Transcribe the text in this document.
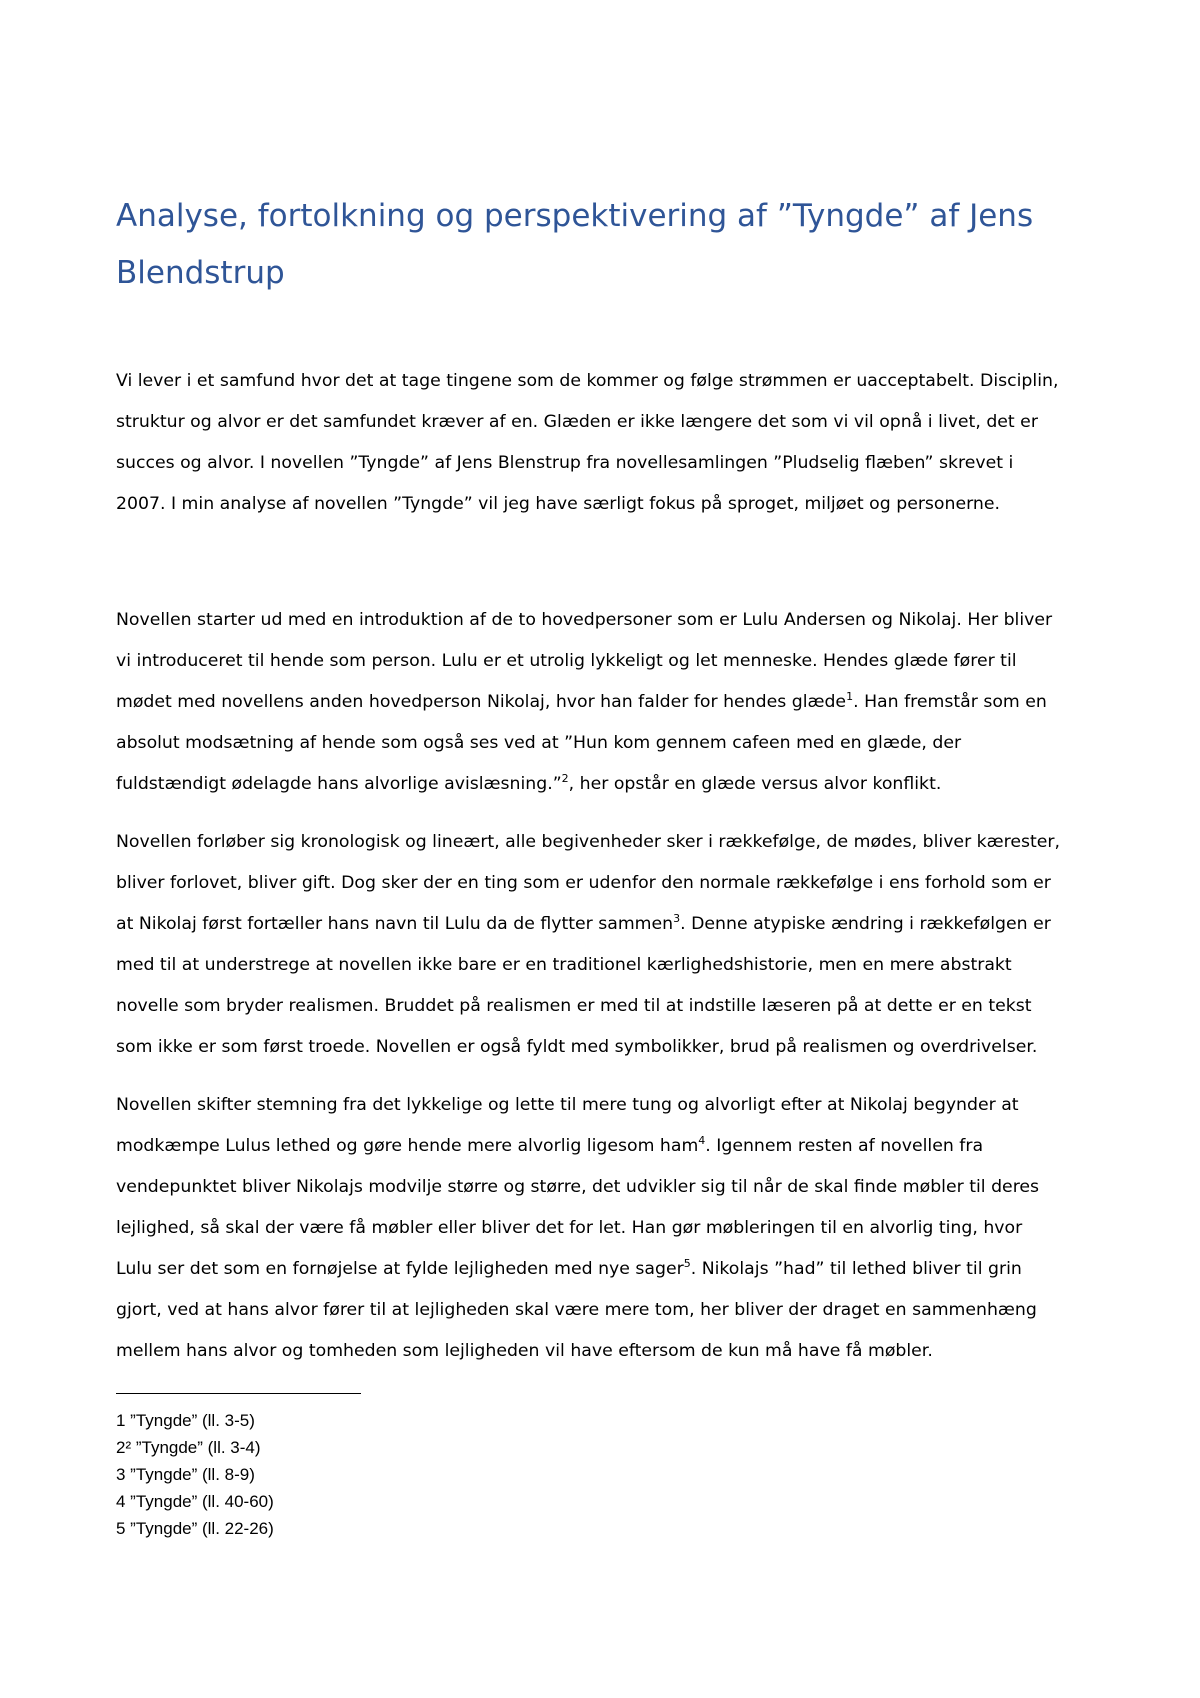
Analyse, fortolkning og perspektivering af ”Tyngde” af Jens Blendstrup
Vi lever i et samfund hvor det at tage tingene som de kommer og følge strømmen er uacceptabelt. Disciplin,
struktur og alvor er det samfundet kræver af en. Glæden er ikke længere det som vi vil opnå i livet, det er
succes og alvor. I novellen ”Tyngde” af Jens Blenstrup fra novellesamlingen ”Pludselig flæben” skrevet i
2007. I min analyse af novellen ”Tyngde” vil jeg have særligt fokus på sproget, miljøet og personerne.
Novellen starter ud med en introduktion af de to hovedpersoner som er Lulu Andersen og Nikolaj. Her bliver
vi introduceret til hende som person. Lulu er et utrolig lykkeligt og let menneske. Hendes glæde fører til
mødet med novellens anden hovedperson Nikolaj, hvor han falder for hendes glæde$^1$. Han fremstår som en
absolut modsætning af hende som også ses ved at ”Hun kom gennem cafeen med en glæde, der
fuldstændigt ødelagde hans alvorlige avislæsning.”$^2$, her opstår en glæde versus alvor konflikt.
Novellen forløber sig kronologisk og lineært, alle begivenheder sker i rækkefølge, de mødes, bliver kærester,
bliver forlovet, bliver gift. Dog sker der en ting som er udenfor den normale rækkefølge i ens forhold som er
at Nikolaj først fortæller hans navn til Lulu da de flytter sammen$^3$. Denne atypiske ændring i rækkefølgen er
med til at understrege at novellen ikke bare er en traditionel kærlighedshistorie, men en mere abstrakt
novelle som bryder realismen. Bruddet på realismen er med til at indstille læseren på at dette er en tekst
som ikke er som først troede. Novellen er også fyldt med symbolikker, brud på realismen og overdrivelser.
Novellen skifter stemning fra det lykkelige og lette til mere tung og alvorligt efter at Nikolaj begynder at
modkæmpe Lulus lethed og gøre hende mere alvorlig ligesom ham$^4$. Igennem resten af novellen fra
vendepunktet bliver Nikolajs modvilje større og større, det udvikler sig til når de skal finde møbler til deres
lejlighed, så skal der være få møbler eller bliver det for let. Han gør møbleringen til en alvorlig ting, hvor
Lulu ser det som en fornøjelse at fylde lejligheden med nye sager$^5$. Nikolajs ”had” til lethed bliver til grin
gjort, ved at hans alvor fører til at lejligheden skal være mere tom, her bliver der draget en sammenhæng
mellem hans alvor og tomheden som lejligheden vil have eftersom de kun må have få møbler.
1 ”Tyngde” (ll. 3-5)
2² ”Tyngde” (ll. 3-4)
3 ”Tyngde” (ll. 8-9)
4 ”Tyngde” (ll. 40-60)
5 ”Tyngde” (ll. 22-26)
